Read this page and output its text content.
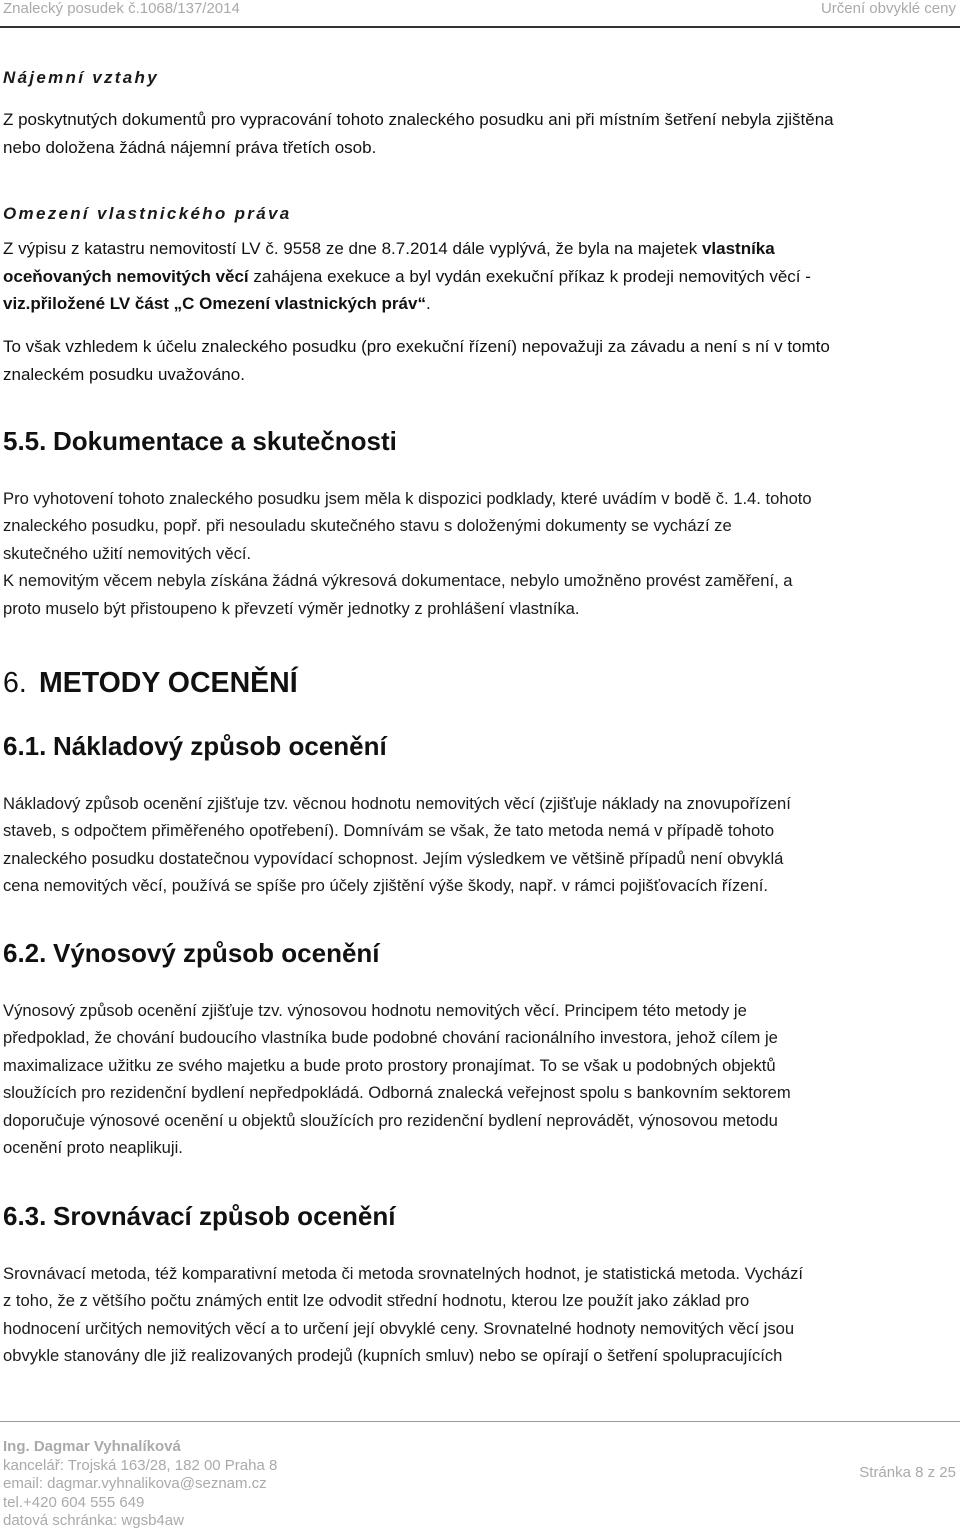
Znalecký posudek č.1068/137/2014	Určení obvyklé ceny
Nájemní vztahy
Z poskytnutých dokumentů pro vypracování tohoto znaleckého posudku ani při místním šetření nebyla zjištěna
nebo doložena žádná nájemní práva třetích osob.
Omezení vlastnického práva
Z výpisu z katastru nemovitostí LV č. 9558 ze dne 8.7.2014 dále vyplývá, že byla na majetek vlastníka
oceňovaných nemovitých věcí zahájena exekuce a byl vydán exekuční příkaz k prodeji nemovitých věcí -
viz.přiložené LV část „C Omezení vlastnických práv“.
To však vzhledem k účelu znaleckého posudku (pro exekuční řízení) nepovažuji za závadu a není s ní v tomto
znaleckém posudku uvažováno.
5.5. Dokumentace a skutečnosti
Pro vyhotovení tohoto znaleckého posudku jsem měla k dispozici podklady, které uvádím v bodě č. 1.4. tohoto
znaleckého posudku, popř. při nesouladu skutečného stavu s doloženými dokumenty se vychází ze
skutečného užití nemovitých věcí.
K nemovitým věcem nebyla získána žádná výkresová dokumentace, nebylo umožněno provést zaměření, a
proto muselo být přistoupeno k převzetí výměr jednotky z prohlášení vlastníka.
6. METODY OCENĚNÍ
6.1. Nákladový způsob ocenění
Nákladový způsob ocenění zjišťuje tzv. věcnou hodnotu nemovitých věcí (zjišťuje náklady na znovupořízení
staveb, s odpočtem přiměřeného opotřebení). Domnívám se však, že tato metoda nemá v případě tohoto
znaleckého posudku dostatečnou vypovídací schopnost. Jejím výsledkem ve většině případů není obvyklá
cena nemovitých věcí, používá se spíše pro účely zjištění výše škody, např. v rámci pojišťovacích řízení.
6.2. Výnosový způsob ocenění
Výnosový způsob ocenění zjišťuje tzv. výnosovou hodnotu nemovitých věcí. Principem této metody je
předpoklad, že chování budoucího vlastníka bude podobné chování racionálního investora, jehož cílem je
maximalizace užitku ze svého majetku a bude proto prostory pronajímat. To se však u podobných objektů
sloužících pro rezidenční bydlení nepředpokládá. Odborná znalecká veřejnost spolu s bankovním sektorem
doporučuje výnosové ocenění u objektů sloužících pro rezidenční bydlení neprovádět, výnosovou metodu
ocenění proto neaplikuji.
6.3. Srovnávací způsob ocenění
Srovnávací metoda, též komparativní metoda či metoda srovnatelných hodnot, je statistická metoda. Vychází
z toho, že z většího počtu známých entit lze odvodit střední hodnotu, kterou lze použít jako základ pro
hodnocení určitých nemovitých věcí a to určení její obvyklé ceny. Srovnatelné hodnoty nemovitých věcí jsou
obvykle stanovány dle již realizovaných prodejů (kupních smluv) nebo se opírají o šetření spolupracujících
Ing. Dagmar Vyhnalíková
kancelář: Trojská 163/28, 182 00 Praha 8
email: dagmar.vyhnalikova@seznam.cz
tel.+420 604 555 649
datová schránka: wgsb4aw
Stránka 8 z 25
